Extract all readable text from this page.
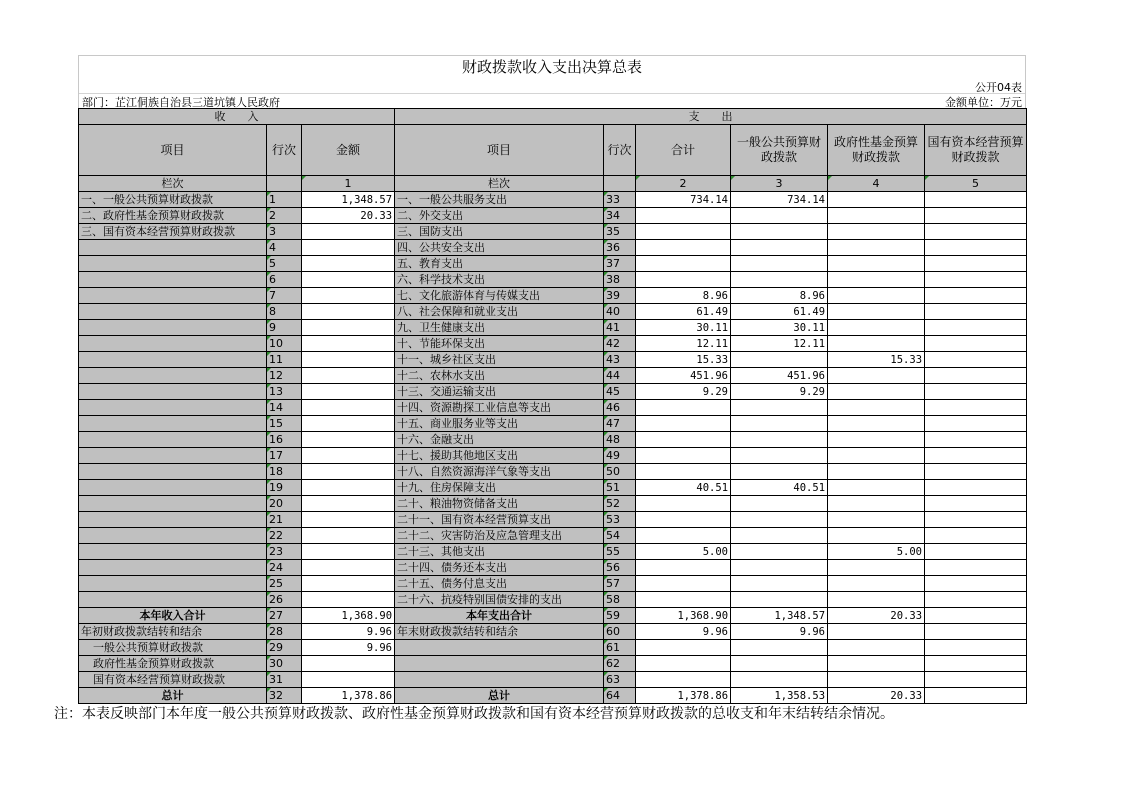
财政拨款收入支出决算总表
公开04表
部门：芷江侗族自治县三道坑镇人民政府	金额单位：万元
收　　入			支　　出					
项目	行次	金额	项目	行次	合计	一般公共预算财政拨款	政府性基金预算财政拨款	国有资本经营预算财政拨款
栏次		1	栏次		2	3	4	5
一、一般公共预算财政拨款	1	1,348.57	一、一般公共服务支出	33	734.14	734.14		
二、政府性基金预算财政拨款	2	20.33	二、外交支出	34				
三、国有资本经营预算财政拨款	3		三、国防支出	35				
	4		四、公共安全支出	36				
	5		五、教育支出	37				
	6		六、科学技术支出	38				
	7		七、文化旅游体育与传媒支出	39	8.96	8.96		
	8		八、社会保障和就业支出	40	61.49	61.49		
	9		九、卫生健康支出	41	30.11	30.11		
	10		十、节能环保支出	42	12.11	12.11		
	11		十一、城乡社区支出	43	15.33		15.33	
	12		十二、农林水支出	44	451.96	451.96		
	13		十三、交通运输支出	45	9.29	9.29		
	14		十四、资源勘探工业信息等支出	46				
	15		十五、商业服务业等支出	47				
	16		十六、金融支出	48				
	17		十七、援助其他地区支出	49				
	18		十八、自然资源海洋气象等支出	50				
	19		十九、住房保障支出	51	40.51	40.51		
	20		二十、粮油物资储备支出	52				
	21		二十一、国有资本经营预算支出	53				
	22		二十二、灾害防治及应急管理支出	54				
	23		二十三、其他支出	55	5.00		5.00	
	24		二十四、债务还本支出	56				
	25		二十五、债务付息支出	57				
	26		二十六、抗疫特别国债安排的支出	58				
本年收入合计	27	1,368.90	本年支出合计	59	1,368.90	1,348.57	20.33	
年初财政拨款结转和结余	28	9.96	年末财政拨款结转和结余	60	9.96	9.96		
一般公共预算财政拨款	29	9.96		61				
政府性基金预算财政拨款	30			62				
国有资本经营预算财政拨款	31			63				
总计	32	1,378.86	总计	64	1,378.86	1,358.53	20.33	
注：本表反映部门本年度一般公共预算财政拨款、政府性基金预算财政拨款和国有资本经营预算财政拨款的总收支和年末结转结余情况。
